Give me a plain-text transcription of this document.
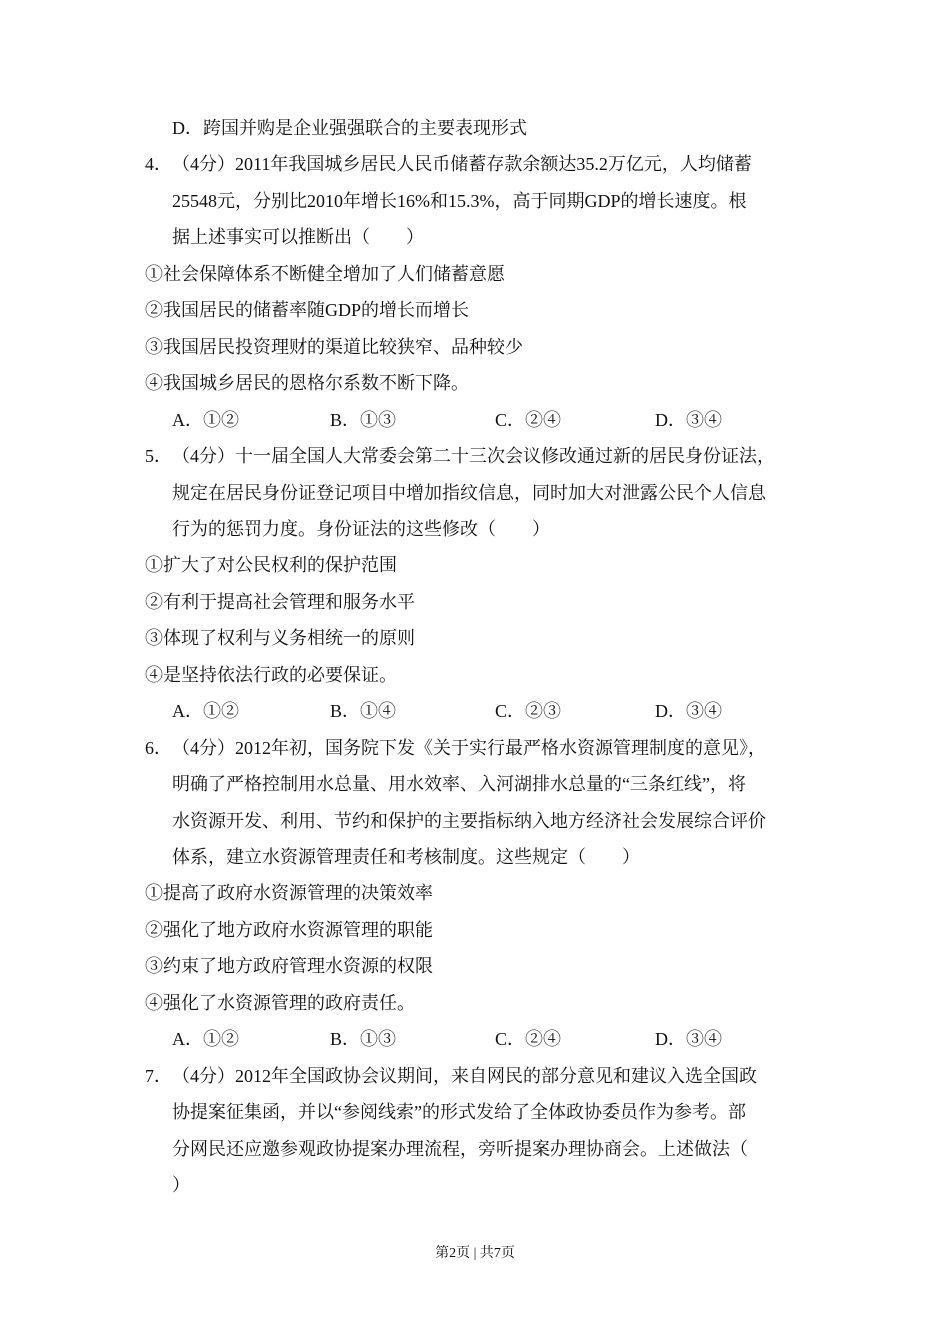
D．跨国并购是企业强强联合的主要表现形式
4． （4分）2011年我国城乡居民人民币储蓄存款余额达35.2万亿元，人均储蓄
25548元，分别比2010年增长16%和15.3%，高于同期GDP的增长速度。根
据上述事实可以推断出（　　）
①社会保障体系不断健全增加了人们储蓄意愿
②我国居民的储蓄率随GDP的增长而增长
③我国居民投资理财的渠道比较狭窄、品种较少
④我国城乡居民的恩格尔系数不断下降。
A．①②	B．①③	C．②④	D．③④
5． （4分）十一届全国人大常委会第二十三次会议修改通过新的居民身份证法，
规定在居民身份证登记项目中增加指纹信息，同时加大对泄露公民个人信息
行为的惩罚力度。身份证法的这些修改（　　）
①扩大了对公民权利的保护范围
②有利于提高社会管理和服务水平
③体现了权利与义务相统一的原则
④是坚持依法行政的必要保证。
A．①②	B．①④	C．②③	D．③④
6． （4分）2012年初，国务院下发《关于实行最严格水资源管理制度的意见》，
明确了严格控制用水总量、用水效率、入河湖排水总量的“三条红线”，将
水资源开发、利用、节约和保护的主要指标纳入地方经济社会发展综合评价
体系，建立水资源管理责任和考核制度。这些规定（　　）
①提高了政府水资源管理的决策效率
②强化了地方政府水资源管理的职能
③约束了地方政府管理水资源的权限
④强化了水资源管理的政府责任。
A．①②	B．①③	C．②④	D．③④
7． （4分）2012年全国政协会议期间，来自网民的部分意见和建议入选全国政
协提案征集函，并以“参阅线索”的形式发给了全体政协委员作为参考。部
分网民还应邀参观政协提案办理流程，旁听提案办理协商会。上述做法（
）
第2页 | 共7页
